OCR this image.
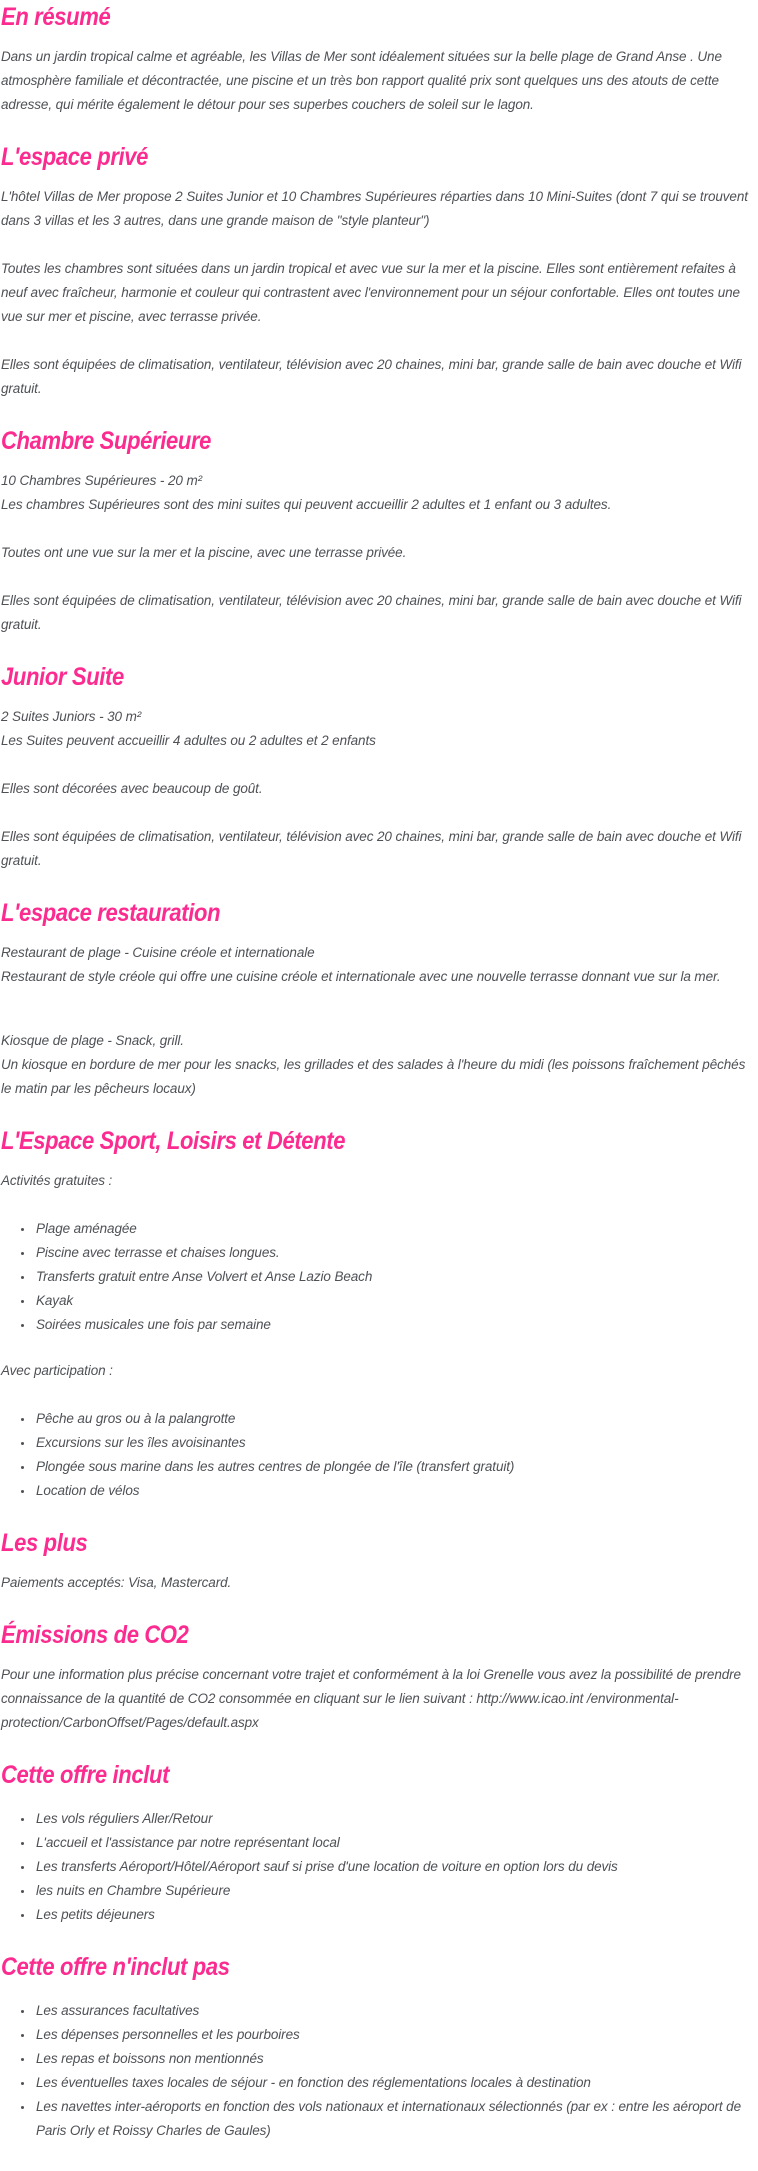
En résumé

Dans un jardin tropical calme et agréable, les Villas de Mer sont idéalement situées sur la belle plage de Grand Anse . Une atmosphère familiale et décontractée, une piscine et un très bon rapport qualité prix sont quelques uns des atouts de cette adresse, qui mérite également le détour pour ses superbes couchers de soleil sur le lagon.

L'espace privé

L'hôtel Villas de Mer propose 2 Suites Junior et 10 Chambres Supérieures réparties dans 10 Mini-Suites (dont 7 qui se trouvent dans 3 villas et les 3 autres, dans une grande maison de "style planteur")

Toutes les chambres sont situées dans un jardin tropical et avec vue sur la mer et la piscine. Elles sont entièrement refaites à neuf avec fraîcheur, harmonie et couleur qui contrastent avec l'environnement pour un séjour confortable. Elles ont toutes une vue sur mer et piscine, avec terrasse privée.

Elles sont équipées de climatisation, ventilateur, télévision avec 20 chaines, mini bar, grande salle de bain avec douche et Wifi gratuit.

Chambre Supérieure

10 Chambres Supérieures - 20 m²
Les chambres Supérieures sont des mini suites qui peuvent accueillir 2 adultes et 1 enfant ou 3 adultes.

Toutes ont une vue sur la mer et la piscine, avec une terrasse privée.

Elles sont équipées de climatisation, ventilateur, télévision avec 20 chaines, mini bar, grande salle de bain avec douche et Wifi gratuit.

Junior Suite

2 Suites Juniors - 30 m²
Les Suites peuvent accueillir 4 adultes ou 2 adultes et 2 enfants

Elles sont décorées avec beaucoup de goût.

Elles sont équipées de climatisation, ventilateur, télévision avec 20 chaines, mini bar, grande salle de bain avec douche et Wifi gratuit.

L'espace restauration

Restaurant de plage - Cuisine créole et internationale
Restaurant de style créole qui offre une cuisine créole et internationale avec une nouvelle terrasse donnant vue sur la mer.

Kiosque de plage - Snack, grill.
Un kiosque en bordure de mer pour les snacks, les grillades et des salades à l'heure du midi (les poissons fraîchement pêchés le matin par les pêcheurs locaux)

L'Espace Sport, Loisirs et Détente

Activités gratuites :

• Plage aménagée
• Piscine avec terrasse et chaises longues.
• Transferts gratuit entre Anse Volvert et Anse Lazio Beach
• Kayak
• Soirées musicales une fois par semaine

Avec participation :

• Pêche au gros ou à la palangrotte
• Excursions sur les îles avoisinantes
• Plongée sous marine dans les autres centres de plongée de l'île (transfert gratuit)
• Location de vélos
Les plus

Paiements acceptés: Visa, Mastercard.

Émissions de CO2

Pour une information plus précise concernant votre trajet et conformément à la loi Grenelle vous avez la possibilité de prendre connaissance de la quantité de CO2 consommée en cliquant sur le lien suivant : http://www.icao.int /environmental-protection/CarbonOffset/Pages/default.aspx

Cette offre inclut
• Les vols réguliers Aller/Retour
• L'accueil et l'assistance par notre représentant local
• Les transferts Aéroport/Hôtel/Aéroport sauf si prise d'une location de voiture en option lors du devis
• les nuits en Chambre Supérieure
• Les petits déjeuners
Cette offre n'inclut pas
• Les assurances facultatives
• Les dépenses personnelles et les pourboires
• Les repas et boissons non mentionnés
• Les éventuelles taxes locales de séjour - en fonction des réglementations locales à destination
• Les navettes inter-aéroports en fonction des vols nationaux et internationaux sélectionnés (par ex : entre les aéroport de Paris Orly et Roissy Charles de Gaules)
